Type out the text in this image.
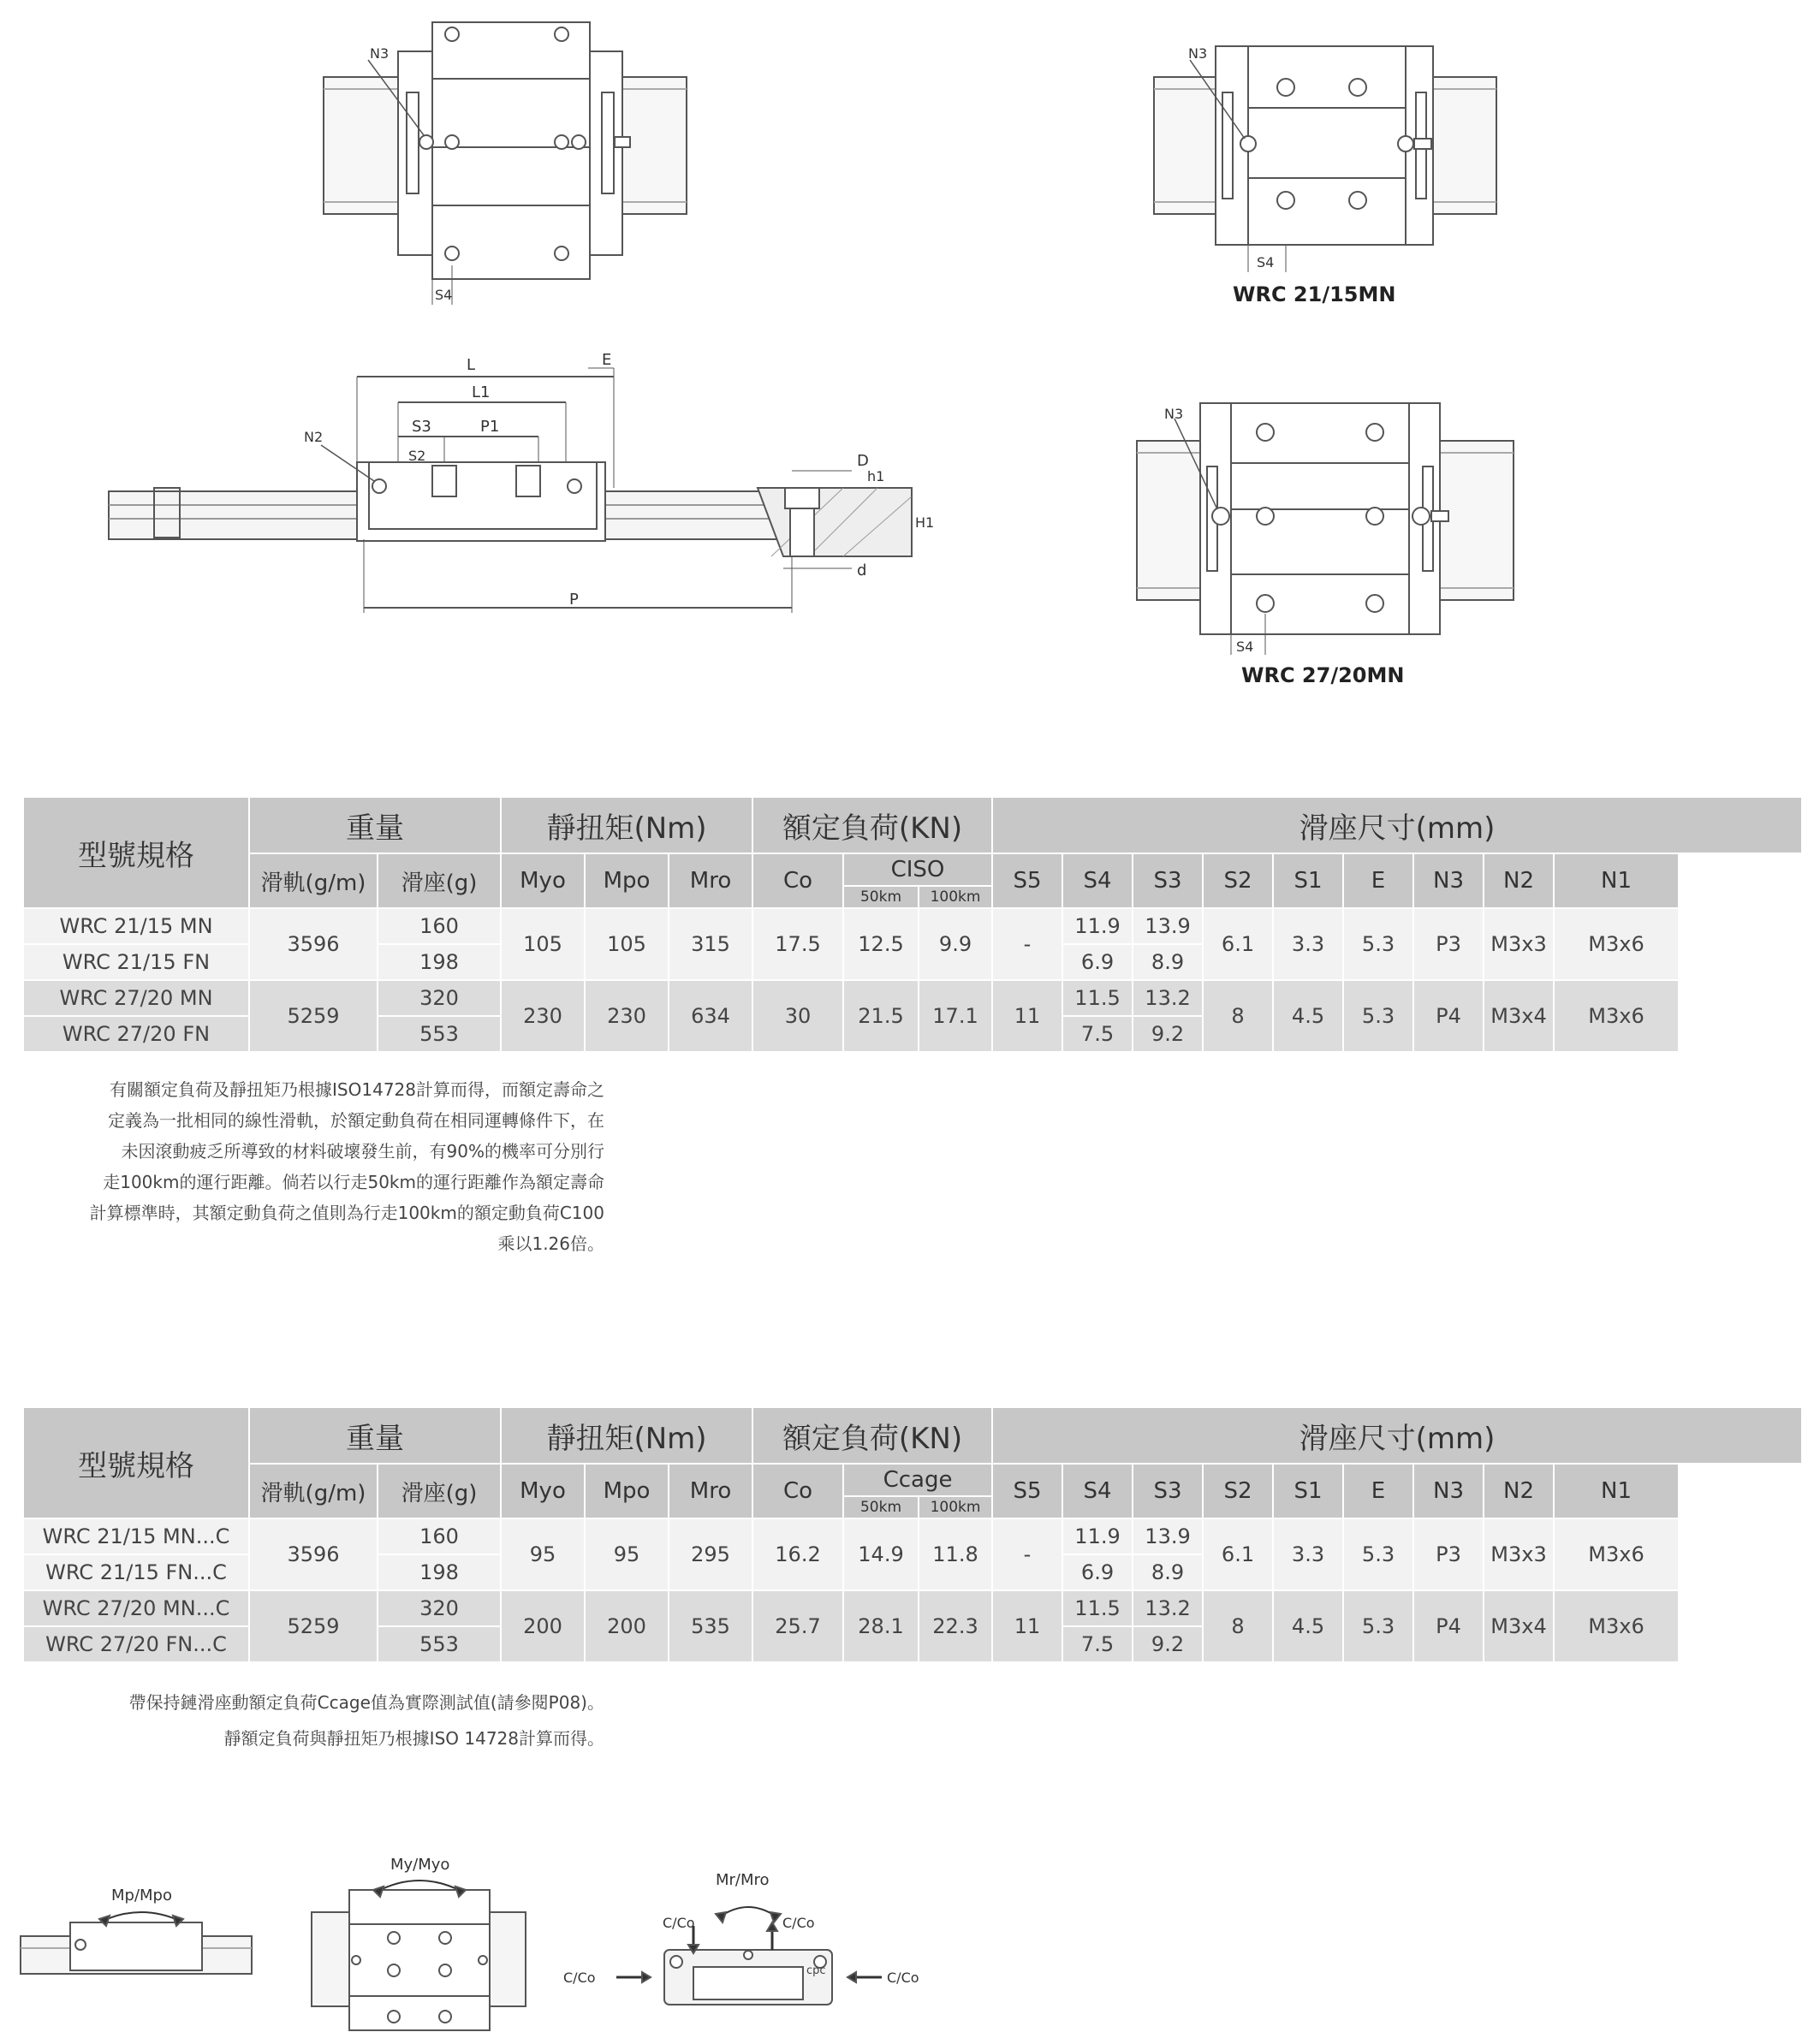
N3
S4
N3
S4
WRC 21/15MN
L
L1
E
P1
S3
S2
N2
D
h1
H1
d
P
N3
S4
WRC 27/20MN
型號規格	重量		靜扭矩(Nm)			額定負荷(KN)			滑座尺寸(mm)								
	滑軌(g/m)	滑座(g)	Myo	Mpo	Mro	Co	CISO		S5	S4	S3	S2	S1	E	N3	N2	N1
							50km	100km									
WRC 21/15 MN	3596	160	105	105	315	17.5	12.5	9.9	-	11.9	13.9	6.1	3.3	5.3	P3	M3x3	M3x6
WRC 21/15 FN		198								6.9	8.9						
WRC 27/20 MN	5259	320	230	230	634	30	21.5	17.1	11	11.5	13.2	8	4.5	5.3	P4	M3x4	M3x6
WRC 27/20 FN		553								7.5	9.2						

有關額定負荷及靜扭矩乃根據ISO14728計算而得，而額定壽命之

定義為一批相同的線性滑軌，於額定動負荷在相同運轉條件下，在

未因滾動疲乏所導致的材料破壞發生前，有90%的機率可分別行

走100km的運行距離。倘若以行走50km的運行距離作為額定壽命

計算標準時，其額定動負荷之值則為行走100km的額定動負荷C100

乘以1.26倍。

型號規格	重量		靜扭矩(Nm)			額定負荷(KN)			滑座尺寸(mm)								
	滑軌(g/m)	滑座(g)	Myo	Mpo	Mro	Co	Ccage		S5	S4	S3	S2	S1	E	N3	N2	N1
							50km	100km									
WRC 21/15 MN...C	3596	160	95	95	295	16.2	14.9	11.8	-	11.9	13.9	6.1	3.3	5.3	P3	M3x3	M3x6
WRC 21/15 FN...C		198								6.9	8.9						
WRC 27/20 MN...C	5259	320	200	200	535	25.7	28.1	22.3	11	11.5	13.2	8	4.5	5.3	P4	M3x4	M3x6
WRC 27/20 FN...C		553								7.5	9.2						

帶保持鏈滑座動額定負荷Ccage值為實際測試值(請參閱P08)。

靜額定負荷與靜扭矩乃根據ISO 14728計算而得。

Mp/Mpo
My/Myo
cpc
Mr/Mro
C/Co	C/Co
C/Co	C/Co
